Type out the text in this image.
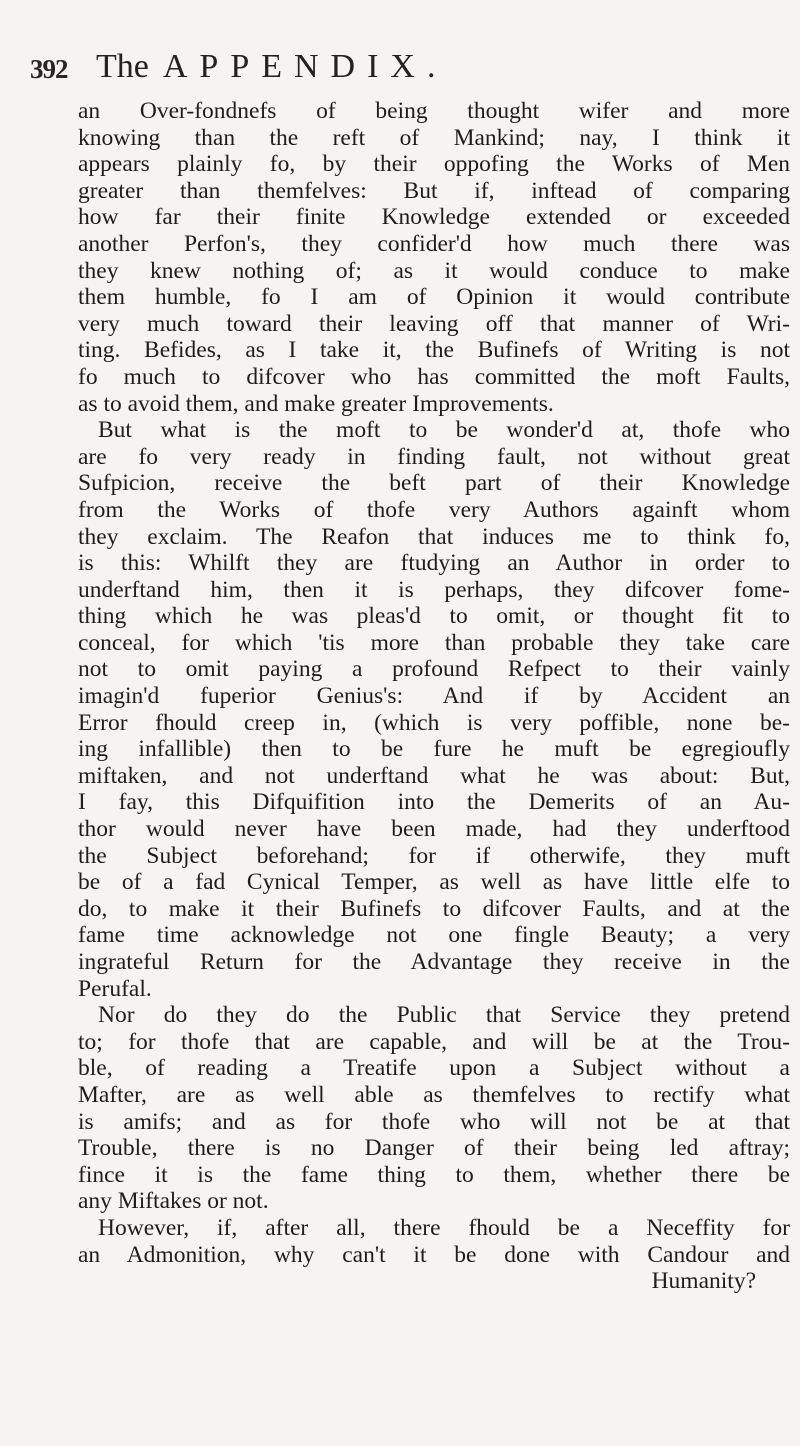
392 The APPENDIX.
an Over-fondnefs of being thought wifer and more
knowing than the reft of Mankind; nay, I think it
appears plainly fo, by their oppofing the Works of Men
greater than themfelves: But if, inftead of comparing
how far their finite Knowledge extended or exceeded
another Perfon's, they confider'd how much there was
they knew nothing of; as it would conduce to make
them humble, fo I am of Opinion it would contribute
very much toward their leaving off that manner of Wri-
ting. Befides, as I take it, the Bufinefs of Writing is not
fo much to difcover who has committed the moft Faults,
as to avoid them, and make greater Improvements.
But what is the moft to be wonder'd at, thofe who
are fo very ready in finding fault, not without great
Sufpicion, receive the beft part of their Knowledge
from the Works of thofe very Authors againft whom
they exclaim. The Reafon that induces me to think fo,
is this: Whilft they are ftudying an Author in order to
underftand him, then it is perhaps, they difcover fome-
thing which he was pleas'd to omit, or thought fit to
conceal, for which 'tis more than probable they take care
not to omit paying a profound Refpect to their vainly
imagin'd fuperior Genius's: And if by Accident an
Error fhould creep in, (which is very poffible, none be-
ing infallible) then to be fure he muft be egregioufly
miftaken, and not underftand what he was about: But,
I fay, this Difquifition into the Demerits of an Au-
thor would never have been made, had they underftood
the Subject beforehand; for if otherwife, they muft
be of a fad Cynical Temper, as well as have little elfe to
do, to make it their Bufinefs to difcover Faults, and at the
fame time acknowledge not one fingle Beauty; a very
ingrateful Return for the Advantage they receive in the
Perufal.
Nor do they do the Public that Service they pretend
to; for thofe that are capable, and will be at the Trou-
ble, of reading a Treatife upon a Subject without a
Mafter, are as well able as themfelves to rectify what
is amifs; and as for thofe who will not be at that
Trouble, there is no Danger of their being led aftray;
fince it is the fame thing to them, whether there be
any Miftakes or not.
However, if, after all, there fhould be a Neceffity for
an Admonition, why can't it be done with Candour and
Humanity?
